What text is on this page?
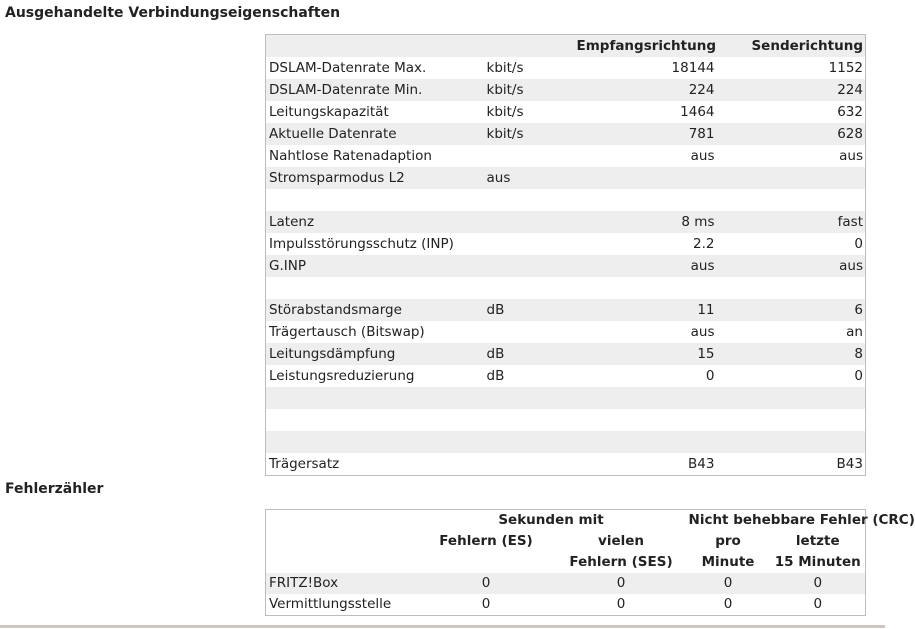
Ausgehandelte Verbindungseigenschaften
		Empfangsrichtung	Senderichtung
DSLAM-Datenrate Max.	kbit/s	18144	1152
DSLAM-Datenrate Min.	kbit/s	224	224
Leitungskapazität	kbit/s	1464	632
Aktuelle Datenrate	kbit/s	781	628
Nahtlose Ratenadaption		aus	aus
Stromsparmodus L2	aus		

Latenz		8 ms	fast
Impulsstörungsschutz (INP)		2.2	0
G.INP		aus	aus

Störabstandsmarge	dB	11	6
Trägertausch (Bitswap)		aus	an
Leitungsdämpfung	dB	15	8
Leistungsreduzierung	dB	0	0

Trägersatz		B43	B43
Fehlerzähler
	Sekunden mit		Nicht behebbare Fehler (CRC)	
	Fehlern (ES)	vielen	pro	letzte
		Fehlern (SES)	Minute	15 Minuten
FRITZ!Box	0	0	0	0
Vermittlungsstelle	0	0	0	0
